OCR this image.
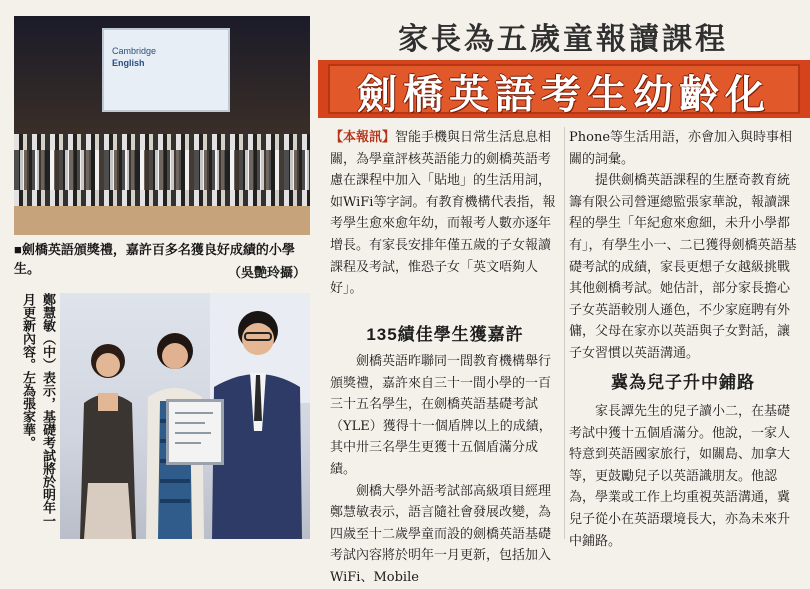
Cambridge
English
■劍橋英語頒獎禮，嘉許百多名獲良好成績的小學生。	（吳艷玲攝）
鄭慧敏（中）表示，基礎考試將於明年一月更新內容。左為張家華。
家長為五歲童報讀課程
劍橋英語考生幼齡化

【本報訊】智能手機與日常生活息息相關，為學童評核英語能力的劍橋英語考慮在課程中加入「貼地」的生活用詞，如WiFi等字詞。有教育機構代表指，報考學生愈來愈年幼，而報考人數亦逐年增長。有家長安排年僅五歲的子女報讀課程及考試，惟恐子女「英文唔夠人好」。

135績佳學生獲嘉許

劍橋英語昨聯同一間教育機構舉行頒獎禮，嘉許來自三十一間小學的一百三十五名學生，在劍橋英語基礎考試（YLE）獲得十一個盾牌以上的成績，其中卅三名學生更獲十五個盾滿分成績。

劍橋大學外語考試部高級項目經理鄭慧敏表示，語言隨社會發展改變，為四歲至十二歲學童而設的劍橋英語基礎考試內容將於明年一月更新，包括加入WiFi、Mobile

Phone等生活用語，亦會加入與時事相關的詞彙。

提供劍橋英語課程的生歷奇教育統籌有限公司營運總監張家華說，報讀課程的學生「年紀愈來愈細，未升小學都有」，有學生小一、二已獲得劍橋英語基礎考試的成績，家長更想子女越級挑戰其他劍橋考試。她估計，部分家長擔心子女英語較別人遜色，不少家庭聘有外傭，父母在家亦以英語與子女對話，讓子女習慣以英語溝通。

冀為兒子升中鋪路

家長譚先生的兒子讀小二，在基礎考試中獲十五個盾滿分。他說，一家人特意到英語國家旅行，如關島、加拿大等，更鼓勵兒子以英語識朋友。他認為，學業或工作上均重視英語溝通，冀兒子從小在英語環境長大，亦為未來升中鋪路。
